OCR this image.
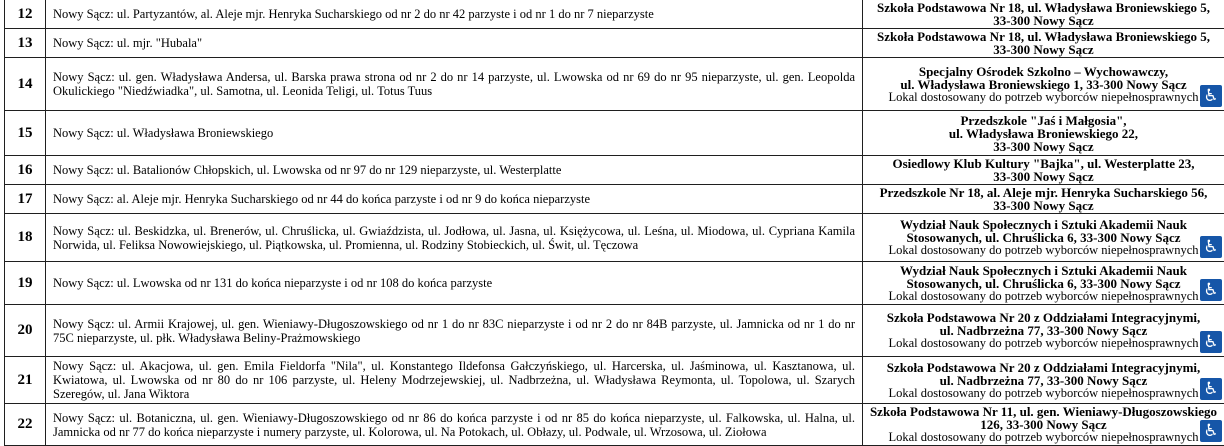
12	Nowy Sącz: ul. Partyzantów, al. Aleje mjr. Henryka Sucharskiego od nr 2 do nr 42 parzyste i od nr 1 do nr 7 nieparzyste	Szkoła Podstawowa Nr 18, ul. Władysława Broniewskiego 5,
33-300 Nowy Sącz

13	Nowy Sącz: ul. mjr. "Hubala"	Szkoła Podstawowa Nr 18, ul. Władysława Broniewskiego 5,
33-300 Nowy Sącz

14	Nowy Sącz: ul. gen. Władysława Andersa, ul. Barska prawa strona od nr 2 do nr 14 parzyste, ul. Lwowska od nr 69 do nr 95 nieparzyste, ul. gen. Leopolda Okulickiego "Niedźwiadka", ul. Samotna, ul. Leonida Teligi, ul. Totus Tuus	
Specjalny Ośrodek Szkolno – Wychowawczy,
ul. Władysława Broniewskiego 1, 33-300 Nowy Sącz
Lokal dostosowany do potrzeb wyborców niepełnosprawnych ♿

15	Nowy Sącz: ul. Władysława Broniewskiego	Przedszkole "Jaś i Małgosia",
ul. Władysława Broniewskiego 22,
33-300 Nowy Sącz

16	Nowy Sącz: ul. Batalionów Chłopskich, ul. Lwowska od nr 97 do nr 129 nieparzyste, ul. Westerplatte	Osiedlowy Klub Kultury "Bajka", ul. Westerplatte 23,
33-300 Nowy Sącz

17	Nowy Sącz: al. Aleje mjr. Henryka Sucharskiego od nr 44 do końca parzyste i od nr 9 do końca nieparzyste	Przedszkole Nr 18, al. Aleje mjr. Henryka Sucharskiego 56,
33-300 Nowy Sącz

18	Nowy Sącz: ul. Beskidzka, ul. Brenerów, ul. Chruślicka, ul. Gwiaździsta, ul. Jodłowa, ul. Jasna, ul. Księżycowa, ul. Leśna, ul. Miodowa, ul. Cypriana Kamila Norwida, ul. Feliksa Nowowiejskiego, ul. Piątkowska, ul. Promienna, ul. Rodziny Stobieckich, ul. Świt, ul. Tęczowa	
Wydział Nauk Społecznych i Sztuki Akademii Nauk
Stosowanych, ul. Chruślicka 6, 33-300 Nowy Sącz
Lokal dostosowany do potrzeb wyborców niepełnosprawnych ♿

19	Nowy Sącz: ul. Lwowska od nr 131 do końca nieparzyste i od nr 108 do końca parzyste	Wydział Nauk Społecznych i Sztuki Akademii Nauk
Stosowanych, ul. Chruślicka 6, 33-300 Nowy Sącz
Lokal dostosowany do potrzeb wyborców niepełnosprawnych ♿

20	Nowy Sącz: ul. Armii Krajowej, ul. gen. Wieniawy-Długoszowskiego od nr 1 do nr 83C nieparzyste i od nr 2 do nr 84B parzyste, ul. Jamnicka od nr 1 do nr 75C nieparzyste, ul. płk. Władysława Beliny-Prażmowskiego	
Szkoła Podstawowa Nr 20 z Oddziałami Integracyjnymi,
ul. Nadbrzeżna 77, 33-300 Nowy Sącz
Lokal dostosowany do potrzeb wyborców niepełnosprawnych ♿

21	Nowy Sącz: ul. Akacjowa, ul. gen. Emila Fieldorfa "Nila", ul. Konstantego Ildefonsa Gałczyńskiego, ul. Harcerska, ul. Jaśminowa, ul. Kasztanowa, ul. Kwiatowa, ul. Lwowska od nr 80 do nr 106 parzyste, ul. Heleny Modrzejewskiej, ul. Nadbrzeżna, ul. Władysława Reymonta, ul. Topolowa, ul. Szarych Szeregów, ul. Jana Wiktora	
Szkoła Podstawowa Nr 20 z Oddziałami Integracyjnymi,
ul. Nadbrzeżna 77, 33-300 Nowy Sącz
Lokal dostosowany do potrzeb wyborców niepełnosprawnych ♿

22	Nowy Sącz: ul. Botaniczna, ul. gen. Wieniawy-Długoszowskiego od nr 86 do końca parzyste i od nr 85 do końca nieparzyste, ul. Falkowska, ul. Halna, ul. Jamnicka od nr 77 do końca nieparzyste i numery parzyste, ul. Kolorowa, ul. Na Potokach, ul. Obłazy, ul. Podwale, ul. Wrzosowa, ul. Ziołowa	
Szkoła Podstawowa Nr 11, ul. gen. Wieniawy-Długoszowskiego
126, 33-300 Nowy Sącz
Lokal dostosowany do potrzeb wyborców niepełnosprawnych ♿
